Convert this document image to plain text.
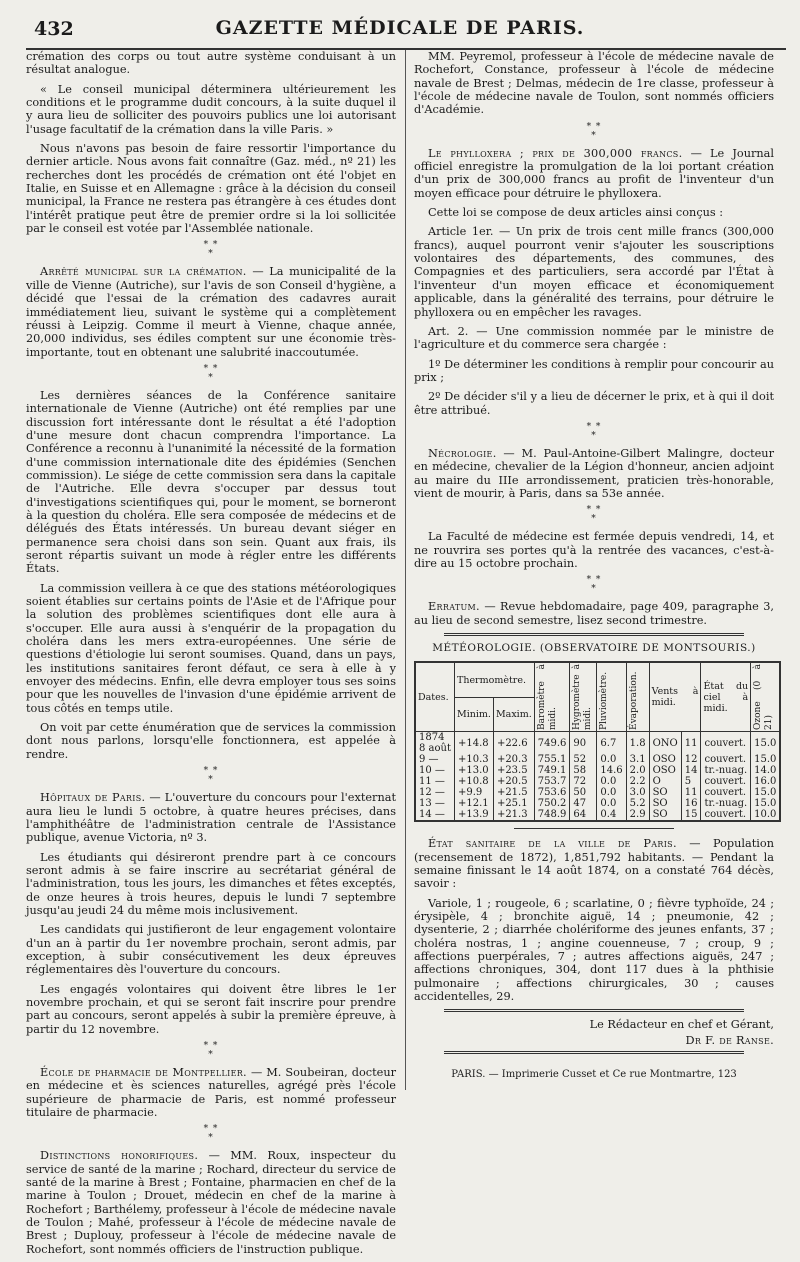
432	GAZETTE MÉDICALE DE PARIS.

crémation des corps ou tout autre système conduisant à un résultat analogue.

« Le conseil municipal déterminera ultérieurement les conditions et le programme dudit concours, à la suite duquel il y aura lieu de solliciter des pouvoirs publics une loi autorisant l'usage facultatif de la crémation dans la ville Paris. »

Nous n'avons pas besoin de faire ressortir l'importance du dernier article. Nous avons fait connaître (Gaz. méd., nº 21) les recherches dont les procédés de crémation ont été l'objet en Italie, en Suisse et en Allemagne : grâce à la décision du conseil municipal, la France ne restera pas étrangère à ces études dont l'intérêt pratique peut être de premier ordre si la loi sollicitée par le conseil est votée par l'Assemblée nationale.

* *
*

Arrêté municipal sur la crémation. — La municipalité de la ville de Vienne (Autriche), sur l'avis de son Conseil d'hygiène, a décidé que l'essai de la crémation des cadavres aurait immédiatement lieu, suivant le système qui a complètement réussi à Leipzig. Comme il meurt à Vienne, chaque année, 20,000 individus, ses édiles comptent sur une économie très-importante, tout en obtenant une salubrité inaccoutumée.

* *
*

Les dernières séances de la Conférence sanitaire internationale de Vienne (Autriche) ont été remplies par une discussion fort intéressante dont le résultat a été l'adoption d'une mesure dont chacun comprendra l'importance. La Conférence a reconnu à l'unanimité la nécessité de la formation d'une commission internationale dite des épidémies (Senchen commission). Le siége de cette commission sera dans la capitale de l'Autriche. Elle devra s'occuper par dessus tout d'investigations scientifiques qui, pour le moment, se borneront à la question du choléra. Elle sera composée de médecins et de délégués des États intéressés. Un bureau devant siéger en permanence sera choisi dans son sein. Quant aux frais, ils seront répartis suivant un mode à régler entre les différents États.

La commission veillera à ce que des stations météorologiques soient établies sur certains points de l'Asie et de l'Afrique pour la solution des problèmes scientifiques dont elle aura à s'occuper. Elle aura aussi à s'enquérir de la propagation du choléra dans les mers extra-européennes. Une série de questions d'étiologie lui seront soumises. Quand, dans un pays, les institutions sanitaires feront défaut, ce sera à elle à y envoyer des médecins. Enfin, elle devra employer tous ses soins pour que les nouvelles de l'invasion d'une épidémie arrivent de tous côtés en temps utile.

On voit par cette énumération que de services la commission dont nous parlons, lorsqu'elle fonctionnera, est appelée à rendre.

* *
*

Hôpitaux de Paris. — L'ouverture du concours pour l'externat aura lieu le lundi 5 octobre, à quatre heures précises, dans l'amphithéâtre de l'administration centrale de l'Assistance publique, avenue Victoria, nº 3.

Les étudiants qui désireront prendre part à ce concours seront admis à se faire inscrire au secrétariat général de l'administration, tous les jours, les dimanches et fêtes exceptés, de onze heures à trois heures, depuis le lundi 7 septembre jusqu'au jeudi 24 du même mois inclusivement.

Les candidats qui justifieront de leur engagement volontaire d'un an à partir du 1er novembre prochain, seront admis, par exception, à subir consécutivement les deux épreuves réglementaires dès l'ouverture du concours.

Les engagés volontaires qui doivent être libres le 1er novembre prochain, et qui se seront fait inscrire pour prendre part au concours, seront appelés à subir la première épreuve, à partir du 12 novembre.

* *
*

École de pharmacie de Montpellier. — M. Soubeiran, docteur en médecine et ès sciences naturelles, agrégé près l'école supérieure de pharmacie de Paris, est nommé professeur titulaire de pharmacie.

* *
*

Distinctions honorifiques. — MM. Roux, inspecteur du service de santé de la marine ; Rochard, directeur du service de santé de la marine à Brest ; Fontaine, pharmacien en chef de la marine à Toulon ; Drouet, médecin en chef de la marine à Rochefort ; Barthélemy, professeur à l'école de médecine navale de Toulon ; Mahé, professeur à l'école de médecine navale de Brest ; Duplouy, professeur à l'école de médecine navale de Rochefort, sont nommés officiers de l'instruction publique.

MM. Peyremol, professeur à l'école de médecine navale de Rochefort, Constance, professeur à l'école de médecine navale de Brest ; Delmas, médecin de 1re classe, professeur à l'école de médecine navale de Toulon, sont nommés officiers d'Académie.

* *
*

Le phylloxera ; prix de 300,000 francs. — Le Journal officiel enregistre la promulgation de la loi portant création d'un prix de 300,000 francs au profit de l'inventeur d'un moyen efficace pour détruire le phylloxera.

Cette loi se compose de deux articles ainsi conçus :

Article 1er. — Un prix de trois cent mille francs (300,000 francs), auquel pourront venir s'ajouter les souscriptions volontaires des départements, des communes, des Compagnies et des particuliers, sera accordé par l'État à l'inventeur d'un moyen efficace et économiquement applicable, dans la généralité des terrains, pour détruire le phylloxera ou en empêcher les ravages.

Art. 2. — Une commission nommée par le ministre de l'agriculture et du commerce sera chargée :

1º De déterminer les conditions à remplir pour concourir au prix ;

2º De décider s'il y a lieu de décerner le prix, et à qui il doit être attribué.

* *
*

Nécrologie. — M. Paul-Antoine-Gilbert Malingre, docteur en médecine, chevalier de la Légion d'honneur, ancien adjoint au maire du IIIe arrondissement, praticien très-honorable, vient de mourir, à Paris, dans sa 53e année.

* *
*

La Faculté de médecine est fermée depuis vendredi, 14, et ne rouvrira ses portes qu'à la rentrée des vacances, c'est-à-dire au 15 octobre prochain.

* *
*

Erratum. — Revue hebdomadaire, page 409, paragraphe 3, au lieu de second semestre, lisez second trimestre.

MÉTÉOROLOGIE. (OBSERVATOIRE DE MONTSOURIS.)
Dates.	Thermomètre.		Baromètre à midi.	Hygromètre à midi.	Pluviomètre.	Évaporation.	Vents à midi.		État du ciel à midi.	Ozone (0 à 21)

	Minim.	Maxim.								
1874
8 août	+14.8	+22.6	749.6	90	6.7	1.8	ONO	11	couvert.	15.0
9 —	+10.3	+20.3	755.1	52	0.0	3.1	OSO	12	couvert.	15.0
10 —	+13.0	+23.5	749.1	58	14.6	2.0	OSO	14	tr.-nuag.	14.0
11 —	+10.8	+20.5	753.7	72	0.0	2.2	O	5	couvert.	16.0
12 —	+9.9	+21.5	753.6	50	0.0	3.0	SO	11	couvert.	15.0
13 —	+12.1	+25.1	750.2	47	0.0	5.2	SO	16	tr.-nuag.	15.0
14 —	+13.9	+21.3	748.9	64	0.4	2.9	SO	15	couvert.	10.0

État sanitaire de la ville de Paris. — Population (recensement de 1872), 1,851,792 habitants. — Pendant la semaine finissant le 14 août 1874, on a constaté 764 décès, savoir :

Variole, 1 ; rougeole, 6 ; scarlatine, 0 ; fièvre typhoïde, 24 ; érysipèle, 4 ; bronchite aiguë, 14 ; pneumonie, 42 ; dysenterie, 2 ; diarrhée cholériforme des jeunes enfants, 37 ; choléra nostras, 1 ; angine couenneuse, 7 ; croup, 9 ; affections puerpérales, 7 ; autres affections aiguës, 247 ; affections chroniques, 304, dont 117 dues à la phthisie pulmonaire ; affections chirurgicales, 30 ; causes accidentelles, 29.

Le Rédacteur en chef et Gérant,
Dr F. de Ranse.
PARIS. — Imprimerie Cusset et Ce rue Montmartre, 123
